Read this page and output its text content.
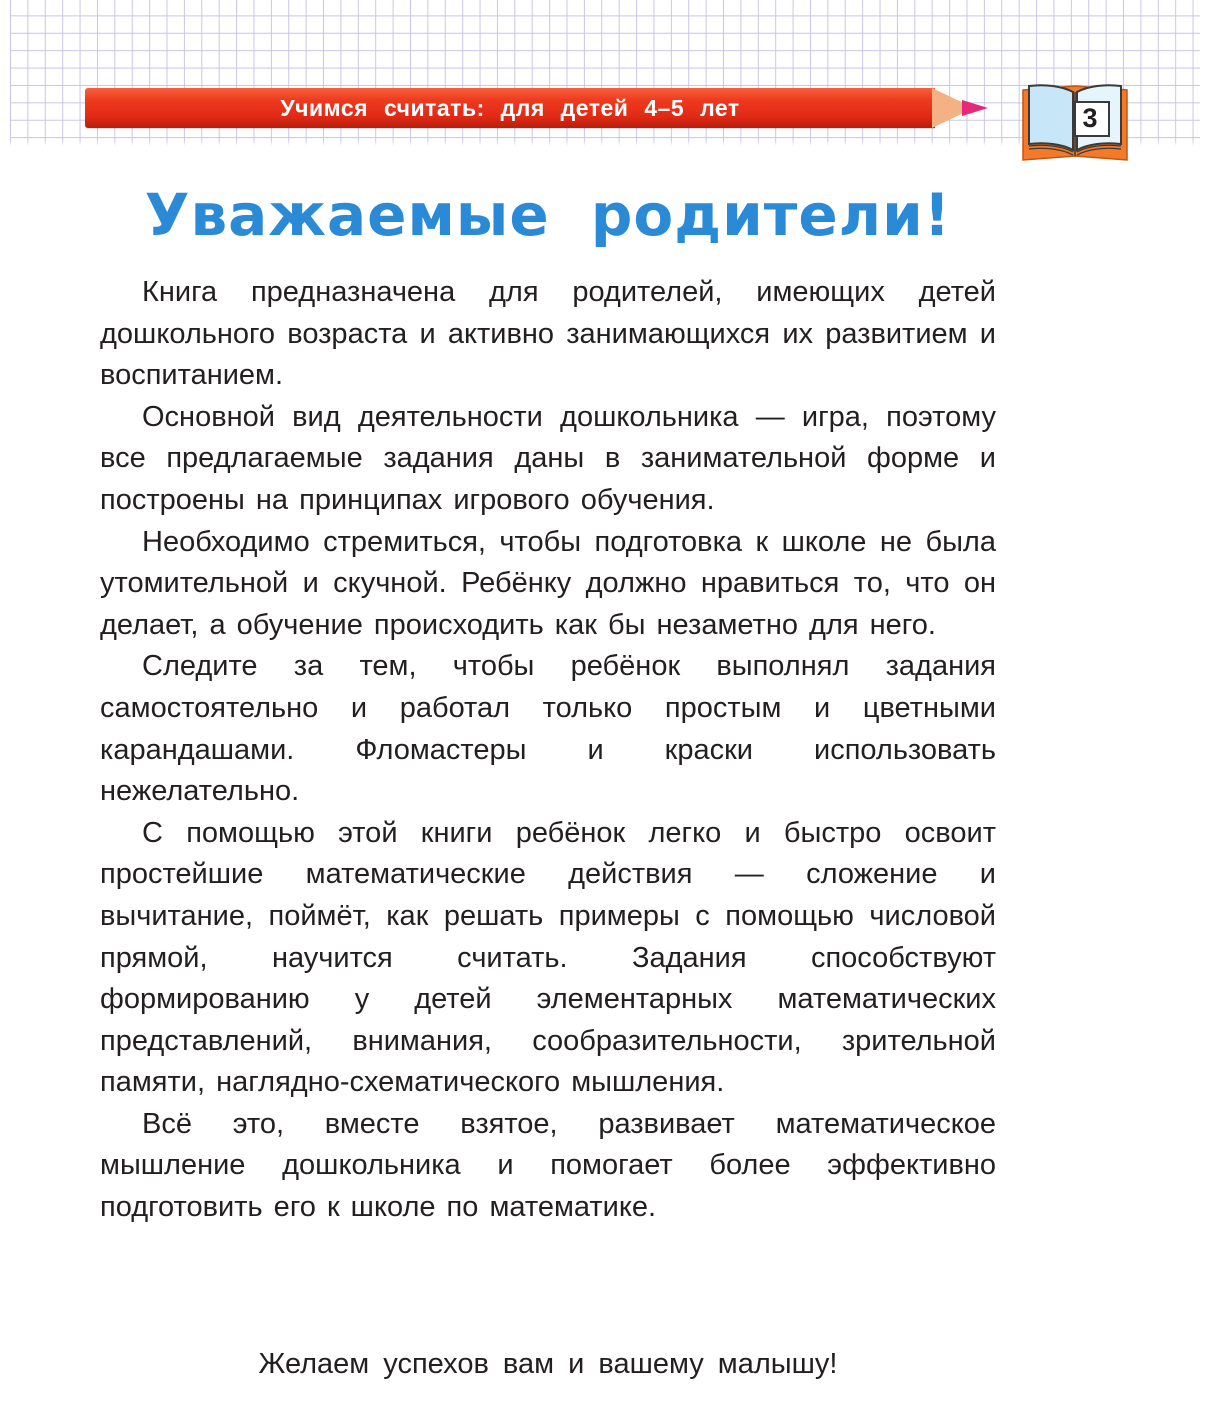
Учимся считать: для детей 4–5 лет	3
Уважаемые родители!

Книга предназначена для родителей, имеющих детей дошкольного возраста и активно занимающихся их развитием и воспитанием.

Основной вид деятельности дошкольника — игра, поэтому все предлагаемые задания даны в занимательной форме и построены на принципах игрового обучения.

Необходимо стремиться, чтобы подготовка к школе не была утомительной и скучной. Ребёнку должно нравиться то, что он делает, а обучение происходить как бы незаметно для него.

Следите за тем, чтобы ребёнок выполнял задания самостоятельно и работал только простым и цветными карандашами. Фломастеры и краски использовать нежелательно.

С помощью этой книги ребёнок легко и быстро освоит простейшие математические действия — сложение и вычитание, поймёт, как решать примеры с помощью числовой прямой, научится считать. Задания способствуют формированию у детей элементарных математических представлений, внимания, сообразительности, зрительной памяти, наглядно-схематического мышления.

Всё это, вместе взятое, развивает математическое мышление дошкольника и помогает более эффективно подготовить его к школе по математике.

Желаем успехов вам и вашему малышу!
